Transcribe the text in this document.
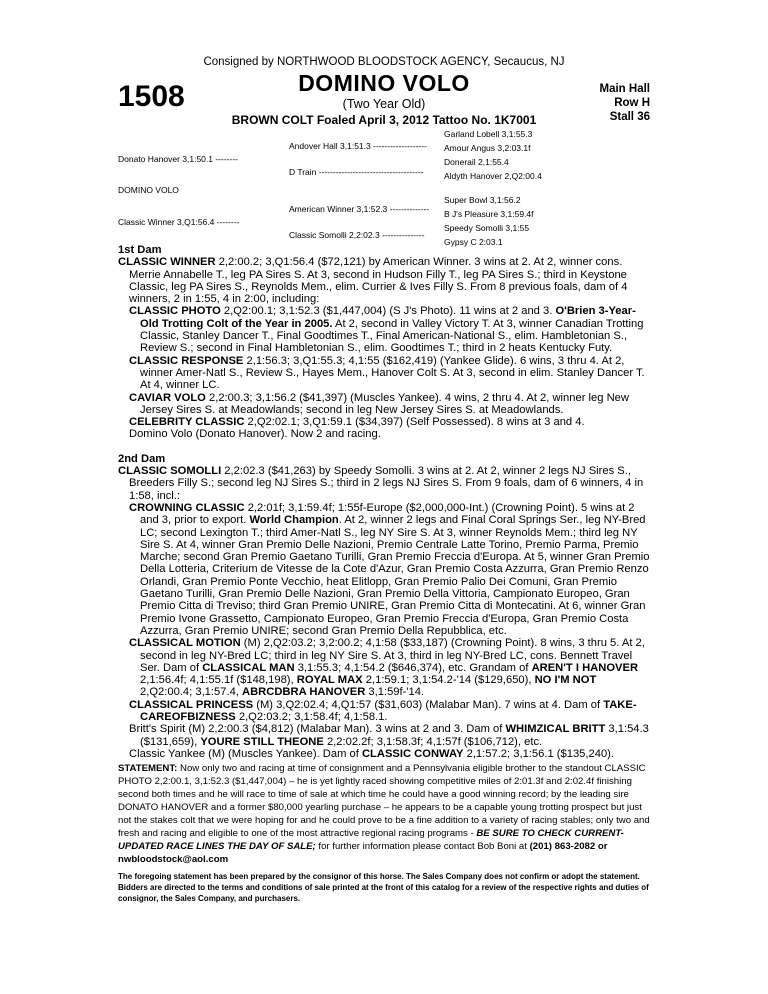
Consigned by NORTHWOOD BLOODSTOCK AGENCY, Secaucus, NJ
1508	DOMINO VOLO
(Two Year Old)
BROWN COLT Foaled April 3, 2012 Tattoo No. 1K7001
Main Hall
Row H
Stall 36
Andover Hall 3,1:51.3 -------------------
Donato Hanover 3,1:50.1 --------
D Train -------------------------------------
DOMINO VOLO
American Winner 3,1:52.3 --------------
Classic Winner 3,Q1:56.4 --------
Classic Somolli 2,2:02.3 ---------------
Garland Lobell 3,1:55.3
Amour Angus 3,2:03.1f
Donerail 2,1:55.4
Aldyth Hanover 2,Q2:00.4
Super Bowl 3,1:56.2
B J's Pleasure 3,1:59.4f
Speedy Somolli 3,1:55
Gypsy C 2:03.1

1st Dam

CLASSIC WINNER 2,2:00.2; 3,Q1:56.4 ($72,121) by American Winner. 3 wins at 2. At 2, winner cons. Merrie Annabelle T., leg PA Sires S. At 3, second in Hudson Filly T., leg PA Sires S.; third in Keystone Classic, leg PA Sires S., Reynolds Mem., elim. Currier & Ives Filly S. From 8 previous foals, dam of 4 winners, 2 in 1:55, 4 in 2:00, including:

CLASSIC PHOTO 2,Q2:00.1; 3,1:52.3 ($1,447,004) (S J's Photo). 11 wins at 2 and 3. O'Brien 3-Year-Old Trotting Colt of the Year in 2005. At 2, second in Valley Victory T. At 3, winner Canadian Trotting Classic, Stanley Dancer T., Final Goodtimes T., Final American-National S., elim. Hambletonian S., Review S.; second in Final Hambletonian S., elim. Goodtimes T.; third in 2 heats Kentucky Futy.

CLASSIC RESPONSE 2,1:56.3; 3,Q1:55.3; 4,1:55 ($162,419) (Yankee Glide). 6 wins, 3 thru 4. At 2, winner Amer-Natl S., Review S., Hayes Mem., Hanover Colt S. At 3, second in elim. Stanley Dancer T. At 4, winner LC.

CAVIAR VOLO 2,2:00.3; 3,1:56.2 ($41,397) (Muscles Yankee). 4 wins, 2 thru 4. At 2, winner leg New Jersey Sires S. at Meadowlands; second in leg New Jersey Sires S. at Meadowlands.

CELEBRITY CLASSIC 2,Q2:02.1; 3,Q1:59.1 ($34,397) (Self Possessed). 8 wins at 3 and 4.

Domino Volo (Donato Hanover). Now 2 and racing.

2nd Dam

CLASSIC SOMOLLI 2,2:02.3 ($41,263) by Speedy Somolli. 3 wins at 2. At 2, winner 2 legs NJ Sires S., Breeders Filly S.; second leg NJ Sires S.; third in 2 legs NJ Sires S. From 9 foals, dam of 6 winners, 4 in 1:58, incl.:

CROWNING CLASSIC 2,2:01f; 3,1:59.4f; 1:55f-Europe ($2,000,000-Int.) (Crowning Point). 5 wins at 2 and 3, prior to export. World Champion. At 2, winner 2 legs and Final Coral Springs Ser., leg NY-Bred LC; second Lexington T.; third Amer-Natl S., leg NY Sire S. At 3, winner Reynolds Mem.; third leg NY Sire S. At 4, winner Gran Premio Delle Nazioni, Premio Centrale Latte Torino, Premio Parma, Premio Marche; second Gran Premio Gaetano Turilli, Gran Premio Freccia d'Europa. At 5, winner Gran Premio Della Lotteria, Criterium de Vitesse de la Cote d'Azur, Gran Premio Costa Azzurra, Gran Premio Renzo Orlandi, Gran Premio Ponte Vecchio, heat Elitlopp, Gran Premio Palio Dei Comuni, Gran Premio Gaetano Turilli, Gran Premio Delle Nazioni, Gran Premio Della Vittoria, Campionato Europeo, Gran Premio Citta di Treviso; third Gran Premio UNIRE, Gran Premio Citta di Montecatini. At 6, winner Gran Premio Ivone Grassetto, Campionato Europeo, Gran Premio Freccia d'Europa, Gran Premio Costa Azzurra, Gran Premio UNIRE; second Gran Premio Della Repubblica, etc.

CLASSICAL MOTION (M) 2,Q2:03.2; 3,2:00.2; 4,1:58 ($33,187) (Crowning Point). 8 wins, 3 thru 5. At 2, second in leg NY-Bred LC; third in leg NY Sire S. At 3, third in leg NY-Bred LC, cons. Bennett Travel Ser. Dam of CLASSICAL MAN 3,1:55.3; 4,1:54.2 ($646,374), etc. Grandam of AREN'T I HANOVER 2,1:56.4f; 4,1:55.1f ($148,198), ROYAL MAX 2,1:59.1; 3,1:54.2-'14 ($129,650), NO I'M NOT 2,Q2:00.4; 3,1:57.4, ABRCDBRA HANOVER 3,1:59f-'14.

CLASSICAL PRINCESS (M) 3,Q2:02.4; 4,Q1:57 ($31,603) (Malabar Man). 7 wins at 4. Dam of TAKE-CAREOFBIZNESS 2,Q2:03.2; 3,1:58.4f; 4,1:58.1.

Britt's Spirit (M) 2,2:00.3 ($4,812) (Malabar Man). 3 wins at 2 and 3. Dam of WHIMZICAL BRITT 3,1:54.3 ($131,659), YOURE STILL THEONE 2,2:02.2f; 3,1:58.3f; 4,1:57f ($106,712), etc.

Classic Yankee (M) (Muscles Yankee). Dam of CLASSIC CONWAY 2,1:57.2; 3,1:56.1 ($135,240).

STATEMENT: Now only two and racing at time of consignment and a Pennsylvania eligible brother to the standout CLASSIC PHOTO 2,2:00.1, 3,1:52.3 ($1,447,004) – he is yet lightly raced showing competitive miles of 2:01.3f and 2:02.4f finishing second both times and he will race to time of sale at which time he could have a good winning record; by the leading sire DONATO HANOVER and a former $80,000 yearling purchase – he appears to be a capable young trotting prospect but just not the stakes colt that we were hoping for and he could prove to be a fine addition to a variety of racing stables; only two and fresh and racing and eligible to one of the most attractive regional racing programs - BE SURE TO CHECK CURRENT-UPDATED RACE LINES THE DAY OF SALE; for further information please contact Bob Boni at (201) 863-2082 or nwbloodstock@aol.com

The foregoing statement has been prepared by the consignor of this horse. The Sales Company does not confirm or adopt the statement. Bidders are directed to the terms and conditions of sale printed at the front of this catalog for a review of the respective rights and duties of consignor, the Sales Company, and purchasers.
